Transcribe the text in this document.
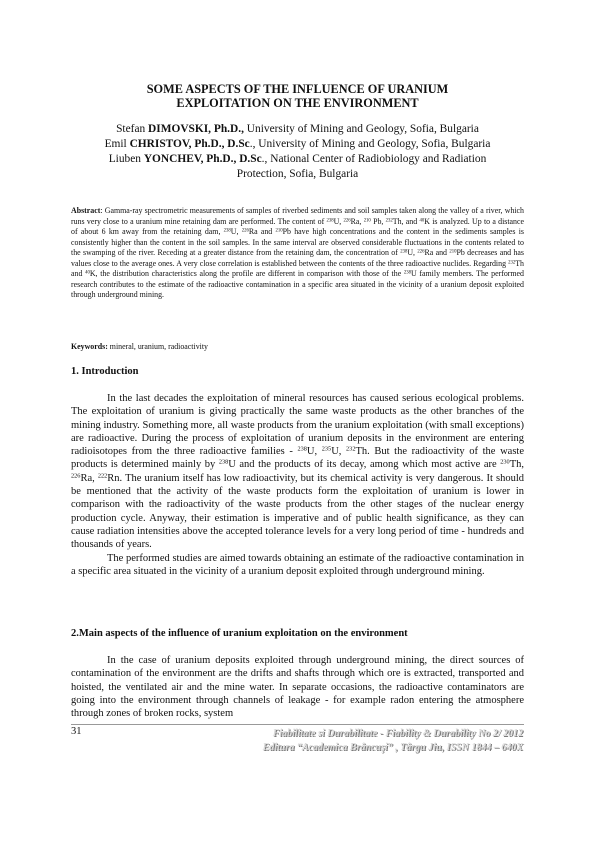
SOME ASPECTS OF THE INFLUENCE OF URANIUM
EXPLOITATION ON THE ENVIRONMENT
Stefan DIMOVSKI, Ph.D., University of Mining and Geology, Sofia, Bulgaria
Emil CHRISTOV, Ph.D., D.Sc., University of Mining and Geology, Sofia, Bulgaria
Liuben YONCHEV, Ph.D., D.Sc., National Center of Radiobiology and Radiation
Protection, Sofia, Bulgaria
Abstract: Gamma-ray spectrometric measurements of samples of riverbed sediments and soil samples taken along the valley of a river, which runs very close to a uranium mine retaining dam are performed. The content of $^{238}$U, $^{226}$Ra, $^{210}$ Pb, $^{232}$Th, and $^{40}$K is analyzed. Up to a distance of about 6 km away from the retaining dam, $^{238}$U, $^{226}$Ra and $^{210}$Pb have high concentrations and the content in the sediments samples is consistently higher than the content in the soil samples. In the same interval are observed considerable fluctuations in the contents related to the swamping of the river. Receding at a greater distance from the retaining dam, the concentration of $^{238}$U, $^{226}$Ra and $^{210}$Pb decreases and has values close to the average ones. A very close correlation is established between the contents of the three radioactive nuclides. Regarding $^{232}$Th and $^{40}$K, the distribution characteristics along the profile are different in comparison with those of the $^{238}$U family members. The performed research contributes to the estimate of the radioactive contamination in a specific area situated in the vicinity of a uranium deposit exploited through underground mining.
Keywords: mineral, uranium, radioactivity
1. Introduction

In the last decades the exploitation of mineral resources has caused serious ecological problems. The exploitation of uranium is giving practically the same waste products as the other branches of the mining industry. Something more, all waste products from the uranium exploitation (with small exceptions) are radioactive. During the process of exploitation of uranium deposits in the environment are entering radioisotopes from the three radioactive families - $^{238}$U, $^{235}$U, $^{232}$Th. But the radioactivity of the waste products is determined mainly by $^{238}$U and the products of its decay, among which most active are $^{230}$Th, $^{226}$Ra, $^{222}$Rn. The uranium itself has low radioactivity, but its chemical activity is very dangerous. It should be mentioned that the activity of the waste products form the exploitation of uranium is lower in comparison with the radioactivity of the waste products from the other stages of the nuclear energy production cycle. Anyway, their estimation is imperative and of public health significance, as they can cause radiation intensities above the accepted tolerance levels for a very long period of time - hundreds and thousands of years.

The performed studies are aimed towards obtaining an estimate of the radioactive contamination in a specific area situated in the vicinity of a uranium deposit exploited through underground mining.

2.Main aspects of the influence of uranium exploitation on the environment

In the case of uranium deposits exploited through underground mining, the direct sources of contamination of the environment are the drifts and shafts through which ore is extracted, transported and hoisted, the ventilated air and the mine water. In separate occasions, the radioactive contaminators are going into the environment through channels of leakage - for example radon entering the atmosphere through zones of broken rocks, system

31	Fiabilitate si Durabilitate - Fiability & Durability No 2/ 2012
Editura “Academica Brâncuşi” , Târgu Jiu, ISSN 1844 – 640X
